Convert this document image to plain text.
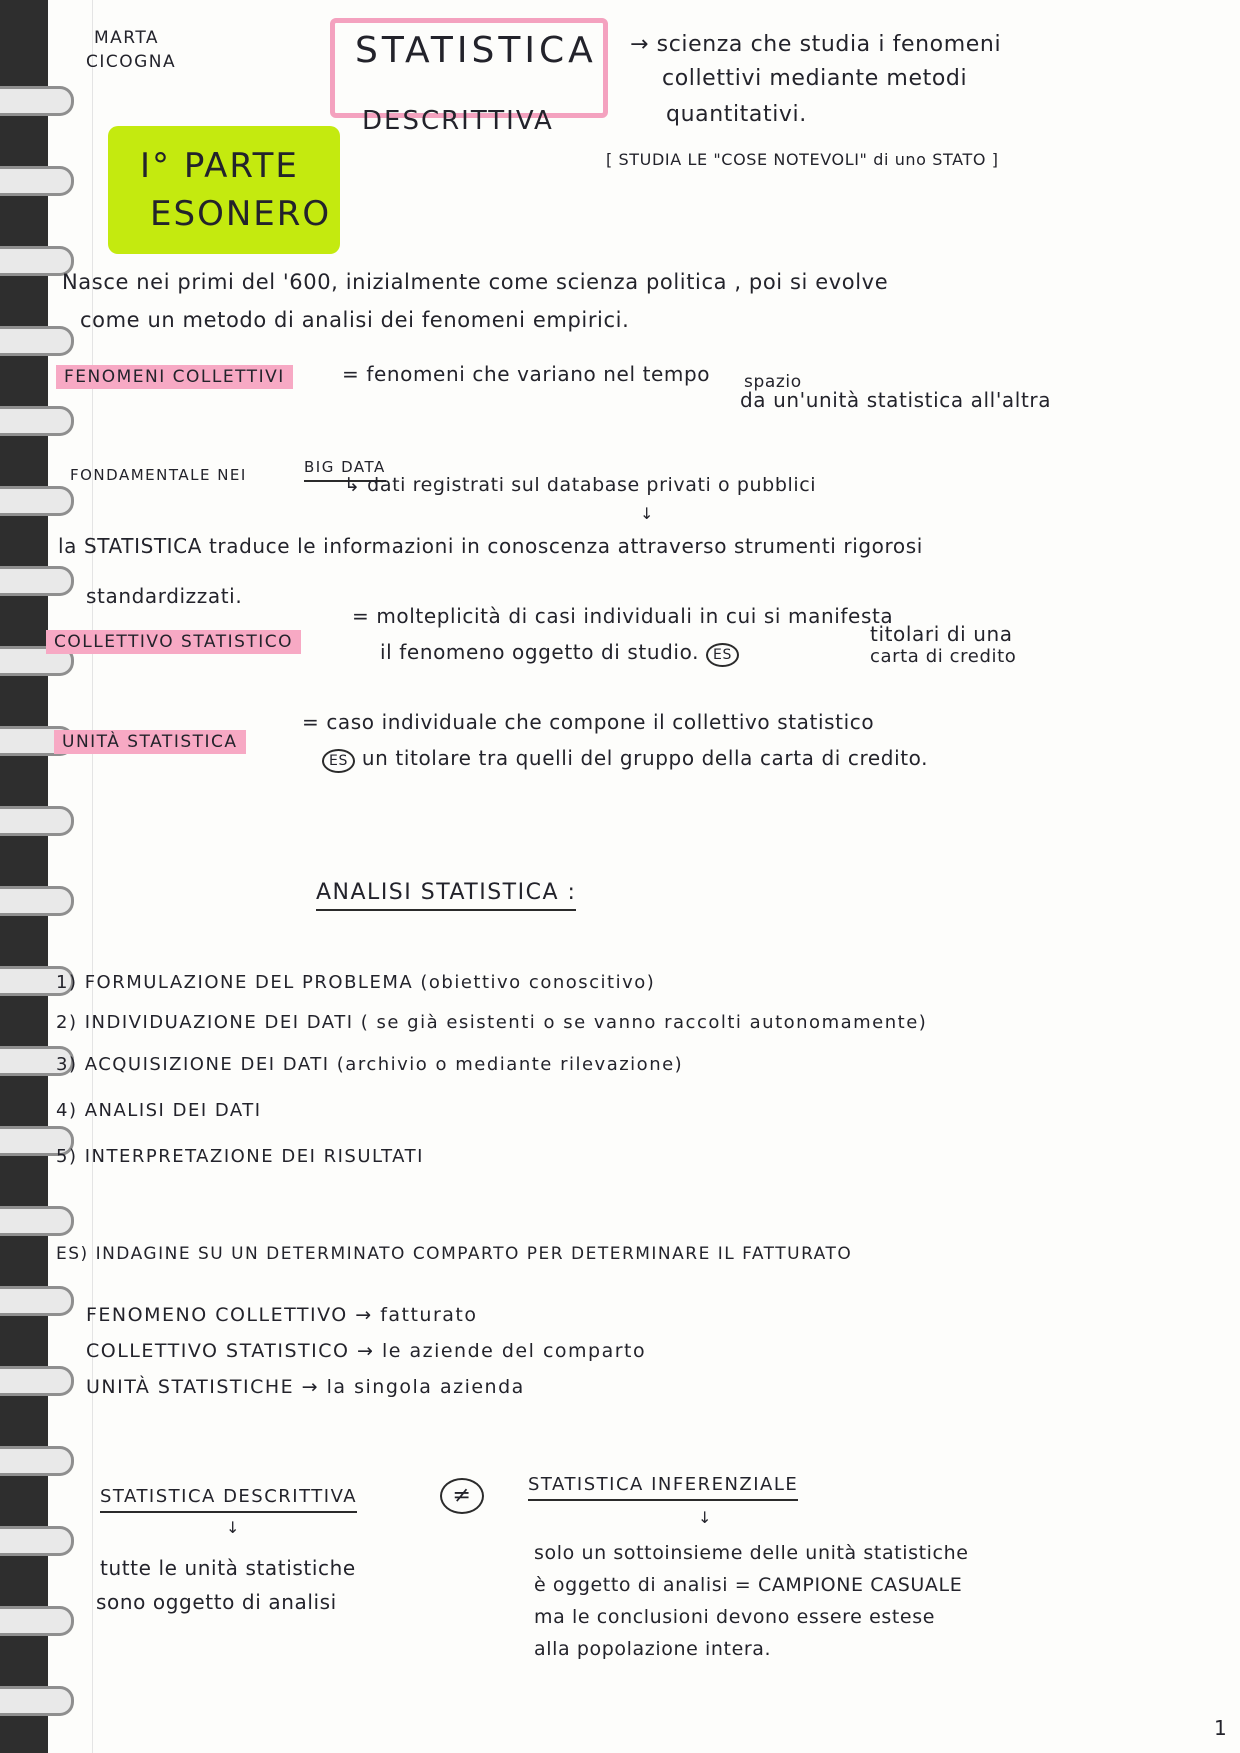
MARTA
CICOGNA	STATISTICA
DESCRITTIVA
I° PARTE
ESONERO
→ scienza che studia i fenomeni
collettivi mediante metodi
quantitativi.
[ STUDIA LE "COSE NOTEVOLI" di uno STATO ]
Nasce nei primi del '600, inizialmente come scienza politica , poi si evolve
come un metodo di analisi dei fenomeni empirici.
FENOMENI COLLETTIVI	= fenomeni che variano nel tempo spazio
da un'unità statistica all'altra
FONDAMENTALE NEI	BIG DATA
↳ dati registrati sul database privati o pubblici
↓
la STATISTICA traduce le informazioni in conoscenza attraverso strumenti rigorosi
standardizzati.
COLLETTIVO STATISTICO
= molteplicità di casi individuali in cui si manifesta
il fenomeno oggetto di studio. ES
titolari di una
carta di credito
UNITÀ STATISTICA
= caso individuale che compone il collettivo statistico
ES un titolare tra quelli del gruppo della carta di credito.
ANALISI STATISTICA :
1) FORMULAZIONE DEL PROBLEMA (obiettivo conoscitivo)
2) INDIVIDUAZIONE DEI DATI ( se già esistenti o se vanno raccolti autonomamente)
3) ACQUISIZIONE DEI DATI (archivio o mediante rilevazione)
4) ANALISI DEI DATI
5) INTERPRETAZIONE DEI RISULTATI
ES) INDAGINE SU UN DETERMINATO COMPARTO PER DETERMINARE IL FATTURATO
FENOMENO COLLETTIVO → fatturato
COLLETTIVO STATISTICO → le aziende del comparto
UNITÀ STATISTICHE → la singola azienda
STATISTICA DESCRITTIVA	≠	STATISTICA INFERENZIALE
↓
↓
tutte le unità statistiche
sono oggetto di analisi
solo un sottoinsieme delle unità statistiche
è oggetto di analisi = CAMPIONE CASUALE
ma le conclusioni devono essere estese
alla popolazione intera.
1
